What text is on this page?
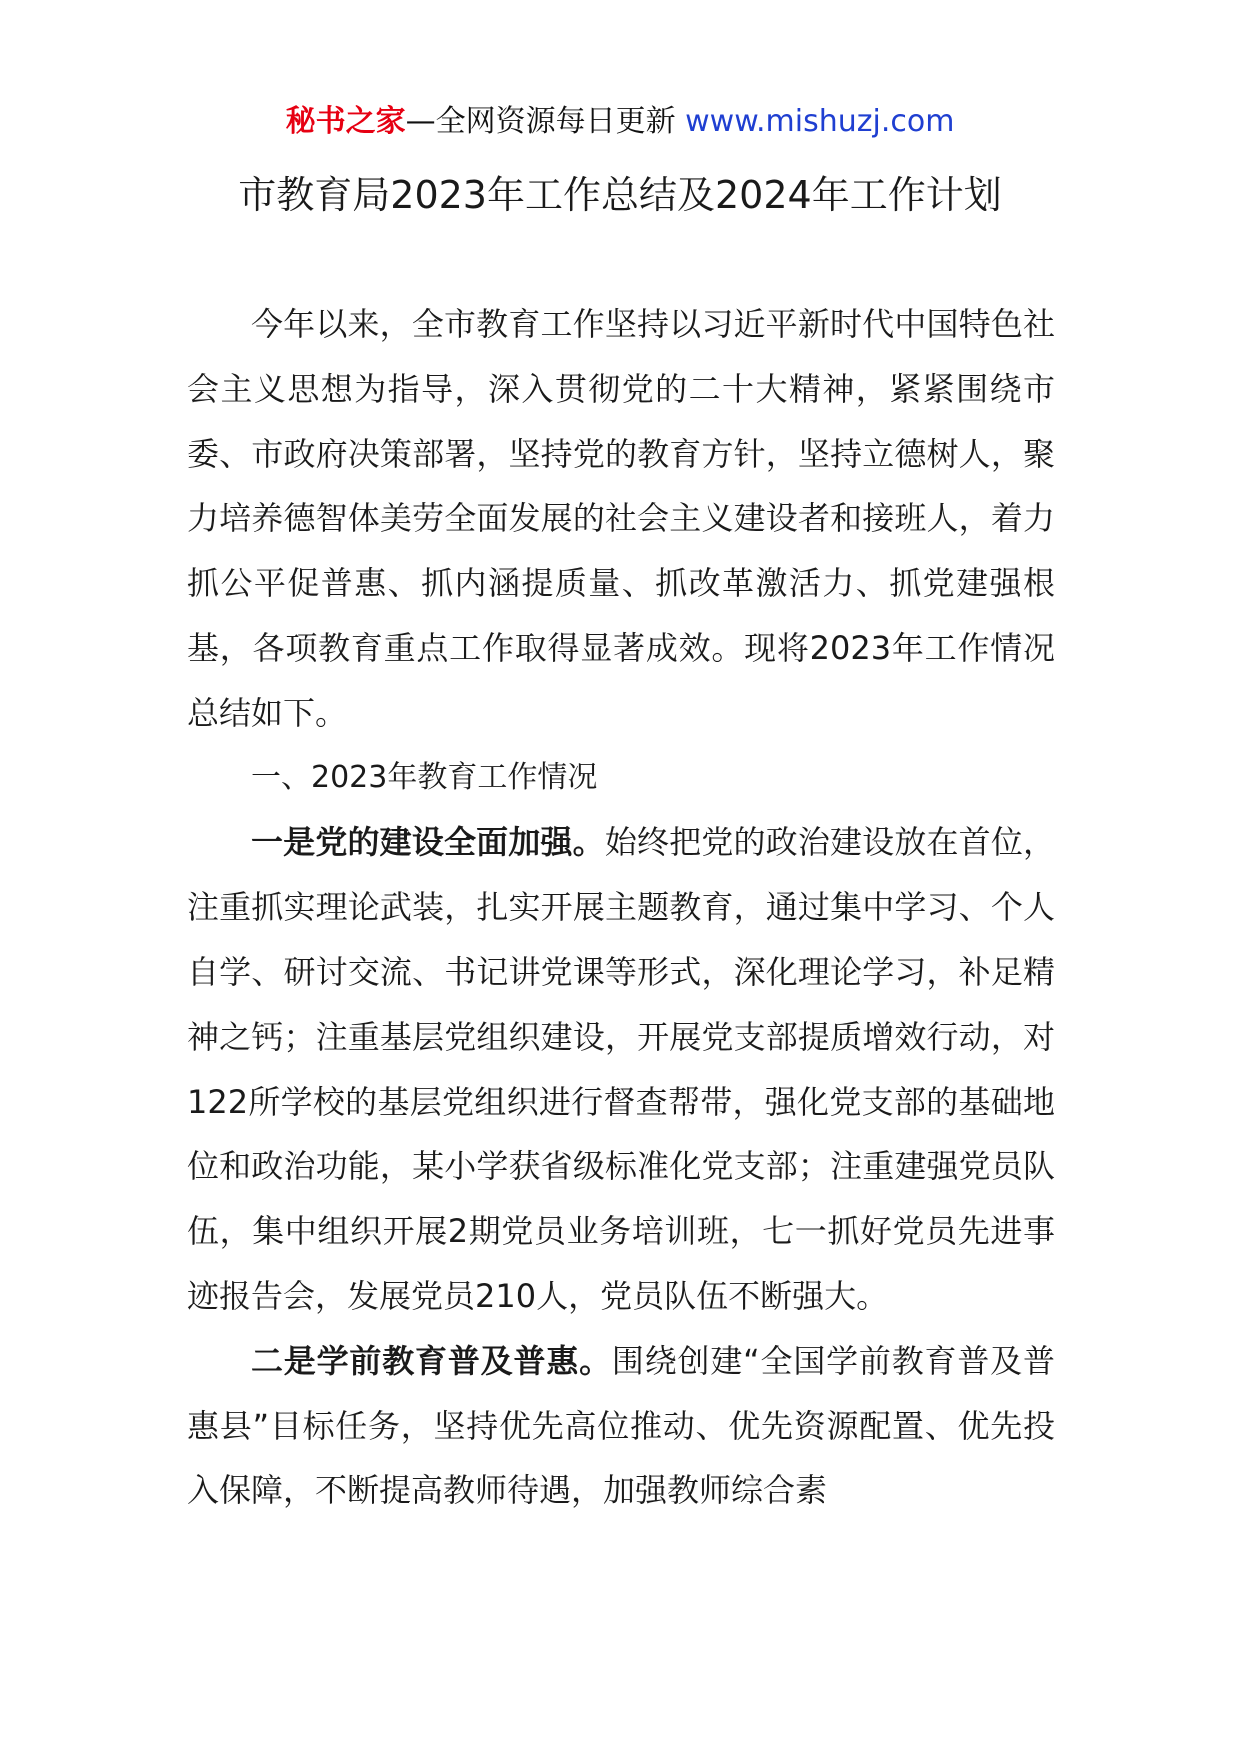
秘书之家—全网资源每日更新 www.mishuzj.com
市教育局2023年工作总结及2024年工作计划

今年以来，全市教育工作坚持以习近平新时代中国特色社会主义思想为指导，深入贯彻党的二十大精神，紧紧围绕市委、市政府决策部署，坚持党的教育方针，坚持立德树人，聚力培养德智体美劳全面发展的社会主义建设者和接班人，着力抓公平促普惠、抓内涵提质量、抓改革激活力、抓党建强根基，各项教育重点工作取得显著成效。现将2023年工作情况总结如下。

一、2023年教育工作情况

一是党的建设全面加强。始终把党的政治建设放在首位，注重抓实理论武装，扎实开展主题教育，通过集中学习、个人自学、研讨交流、书记讲党课等形式，深化理论学习，补足精神之钙；注重基层党组织建设，开展党支部提质增效行动，对122所学校的基层党组织进行督查帮带，强化党支部的基础地位和政治功能，某小学获省级标准化党支部；注重建强党员队伍，集中组织开展2期党员业务培训班，七一抓好党员先进事迹报告会，发展党员210人，党员队伍不断强大。

二是学前教育普及普惠。围绕创建“全国学前教育普及普惠县”目标任务，坚持优先高位推动、优先资源配置、优先投入保障，不断提高教师待遇，加强教师综合素
